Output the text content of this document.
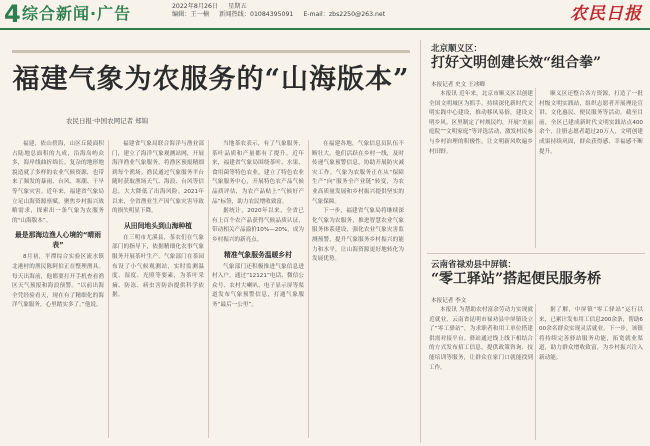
4 综合新闻·广告	2022年8月26日 星期五
编辑：王一楠 新闻热线：01084395091 E-mail：zbs2250@263.net	农民日报
福建气象为农服务的“山海版本”
农民日报·中国农网记者 郑锦

福建，依山傍海，山区丘陵面积占陆地总面积的九成，沿海岛屿众多，海岸线曲折绵长。复杂的地形地貌造就了多样的农业气候资源，也带来了频发的暴雨、台风、寒潮、干旱等气象灾害。近年来，福建省气象局立足山海资源禀赋，聚焦乡村振兴战略需求，探索出一条气象为农服务的“山海版本”。

最是那海边渔人心境的“晴雨表”

8月初，平潭综合实验区流水镇北港村的渔民陈阿伯正在整理渔具。每天出海前，他都要打开手机查看渔区天气预报和海浪预警。“以前出海全凭经验看天，现在有了精细化的海洋气象服务，心里踏实多了。”他说。

福建省气象局联合海洋与渔业部门，建立了海洋气象观测站网，开展海洋渔业气象服务，将渔区预报精细到每个渔场。渔民通过气象服务平台随时获取渔场天气、海浪、台风等信息，大大降低了出海风险。2021年以来，全省渔业生产因气象灾害导致的损失明显下降。

从田间地头到山海种植

在三明市尤溪县，茶农们在气象部门的指导下，依据精细化农事气象服务开展茶叶生产。气象部门在茶园布设了小气候观测站，实时监测温度、湿度、光照等要素，为茶叶采摘、防冻、病虫害防治提供科学依据。

当地茶农表示，有了气象服务，茶叶品质和产量都有了提升。近年来，福建省气象局围绕茶叶、水果、食用菌等特色农业，建立了特色农业气象服务中心，开展特色农产品气候品质评估，为农产品贴上“气候好产品”标签，助力农民增收致富。

据统计，2020年以来，全省已有上百个农产品获得气候品质认证，带动相关产品溢价10%—20%，成为乡村振兴的新亮点。

精准气象服务温暖乡村

气象部门还积极推进气象信息进村入户，通过“12121”电话、微信公众号、农村大喇叭、电子显示屏等渠道发布气象预警信息，打通气象服务“最后一公里”。

在福建各地，气象信息员队伍不断壮大，他们活跃在乡村一线，及时传递气象预警信息，协助开展防灾减灾工作。气象为农服务正在从“保障生产”向“服务全产业链”转变，为农业高质量发展和乡村振兴提供坚实的气象保障。

下一步，福建省气象局将继续深化气象为农服务，推进智慧农业气象服务体系建设，强化农业气象灾害监测预警，提升气象服务乡村振兴的能力和水平，让山海资源更好地转化为发展优势。

北京顺义区：
打好文明创建长效“组合拳”
本报记者 史文 王冰卿

本报讯 近年来，北京市顺义区以创建全国文明城区为抓手，持续深化新时代文明实践中心建设，推动移风易俗，建设文明乡风。区里制定了村规民约，开展“美丽庭院”“文明家庭”等评选活动，激发村民参与乡村治理的积极性，让文明新风吹遍乡村田野。

顺义区还整合各方资源，打造了一批村级文明实践站，组织志愿者开展理论宣讲、文化惠民、便民服务等活动。截至目前，全区已建成新时代文明实践站点400余个，注册志愿者超过20万人，文明创建成果持续巩固，群众获得感、幸福感不断提升。

云南省禄劝县中屏镇：
“零工驿站”搭起便民服务桥
本报记者 李文

本报讯 为帮助农村富余劳动力实现就近就业，云南省昆明市禄劝县中屏镇设立了“零工驿站”，为求职者和用工单位搭建供需对接平台。驿站通过线上线下相结合的方式发布招工信息，提供政策咨询、技能培训等服务，让群众在家门口就能找到工作。

据了解，中屏镇“零工驿站”运行以来，已累计发布用工信息200余条，帮助600余名群众实现灵活就业。下一步，该镇将持续完善驿站服务功能，拓宽就业渠道，助力群众增收致富，为乡村振兴注入新动能。
